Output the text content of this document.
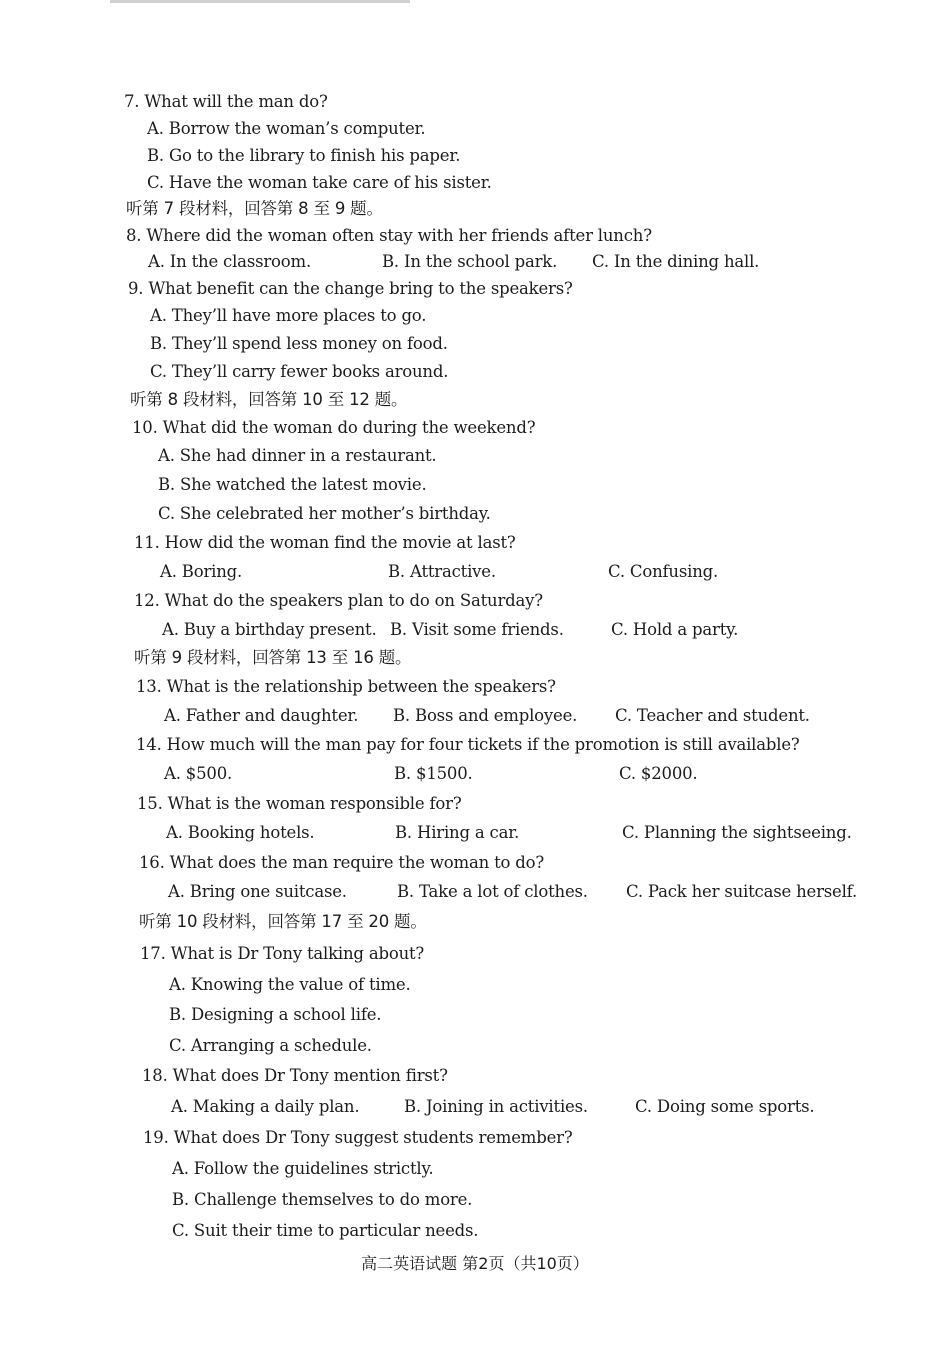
7. What will the man do?
A. Borrow the woman’s computer.
B. Go to the library to finish his paper.
C. Have the woman take care of his sister.
听第 7 段材料，回答第 8 至 9 题。
8. Where did the woman often stay with her friends after lunch?
A. In the classroom.	B. In the school park. C. In the dining hall.
9. What benefit can the change bring to the speakers?
A. They’ll have more places to go.
B. They’ll spend less money on food.
C. They’ll carry fewer books around.
听第 8 段材料，回答第 10 至 12 题。
10. What did the woman do during the weekend?
A. She had dinner in a restaurant.
B. She watched the latest movie.
C. She celebrated her mother’s birthday.
11. How did the woman find the movie at last?
A. Boring.	B. Attractive.	C. Confusing.
12. What do the speakers plan to do on Saturday?
A. Buy a birthday present. B. Visit some friends.	C. Hold a party.
听第 9 段材料，回答第 13 至 16 题。
13. What is the relationship between the speakers?
A. Father and daughter. B. Boss and employee. C. Teacher and student.
14. How much will the man pay for four tickets if the promotion is still available?
A. $500.	B. $1500.	C. $2000.
15. What is the woman responsible for?
A. Booking hotels.	B. Hiring a car.	C. Planning the sightseeing.
16. What does the man require the woman to do?
A. Bring one suitcase.	B. Take a lot of clothes. C. Pack her suitcase herself.
听第 10 段材料，回答第 17 至 20 题。
17. What is Dr Tony talking about?
A. Knowing the value of time.
B. Designing a school life.
C. Arranging a schedule.
18. What does Dr Tony mention first?
A. Making a daily plan.	B. Joining in activities.	C. Doing some sports.
19. What does Dr Tony suggest students remember?
A. Follow the guidelines strictly.
B. Challenge themselves to do more.
C. Suit their time to particular needs.
高二英语试题 第2页（共10页）
